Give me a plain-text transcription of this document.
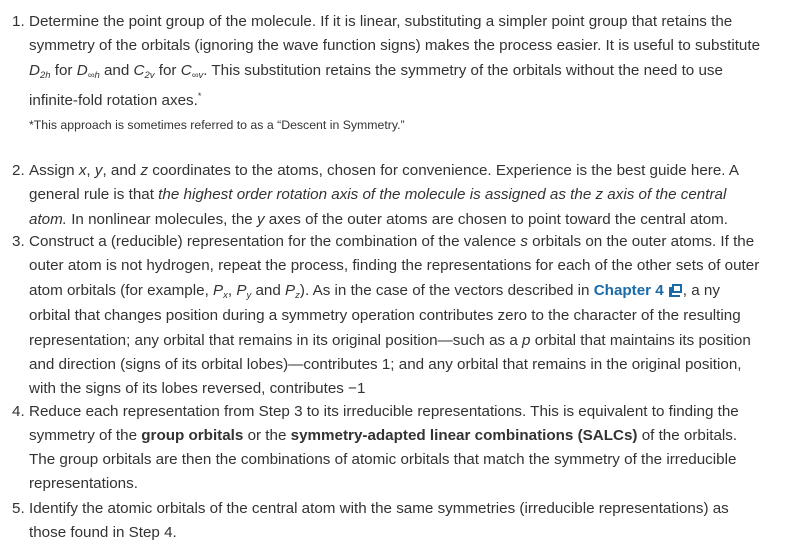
1. Determine the point group of the molecule. If it is linear, substituting a simpler point group that retains the
symmetry of the orbitals (ignoring the wave function signs) makes the process easier. It is useful to substitute
$D_{2h}$ for $D_{\infty h}$ and $C_{2v}$ for $C_{\infty v}$. This substitution retains the symmetry of the orbitals without the need to use
infinite-fold rotation axes.*
*This approach is sometimes referred to as a “Descent in Symmetry.”
2. Assign x, y, and z coordinates to the atoms, chosen for convenience. Experience is the best guide here. A
general rule is that the highest order rotation axis of the molecule is assigned as the z axis of the central
atom. In nonlinear molecules, the y axes of the outer atoms are chosen to point toward the central atom.
3. Construct a (reducible) representation for the combination of the valence s orbitals on the outer atoms. If the
outer atom is not hydrogen, repeat the process, finding the representations for each of the other sets of outer
atom orbitals (for example, $P_x$, $P_y$ and $P_z$). As in the case of the vectors described in Chapter 4 , a ny
orbital that changes position during a symmetry operation contributes zero to the character of the resulting
representation; any orbital that remains in its original position—such as a p orbital that maintains its position
and direction (signs of its orbital lobes)—contributes 1; and any orbital that remains in the original position,
with the signs of its lobes reversed, contributes −1
4. Reduce each representation from Step 3 to its irreducible representations. This is equivalent to finding the
symmetry of the group orbitals or the symmetry-adapted linear combinations (SALCs) of the orbitals.
The group orbitals are then the combinations of atomic orbitals that match the symmetry of the irreducible
representations.
5. Identify the atomic orbitals of the central atom with the same symmetries (irreducible representations) as
those found in Step 4.
